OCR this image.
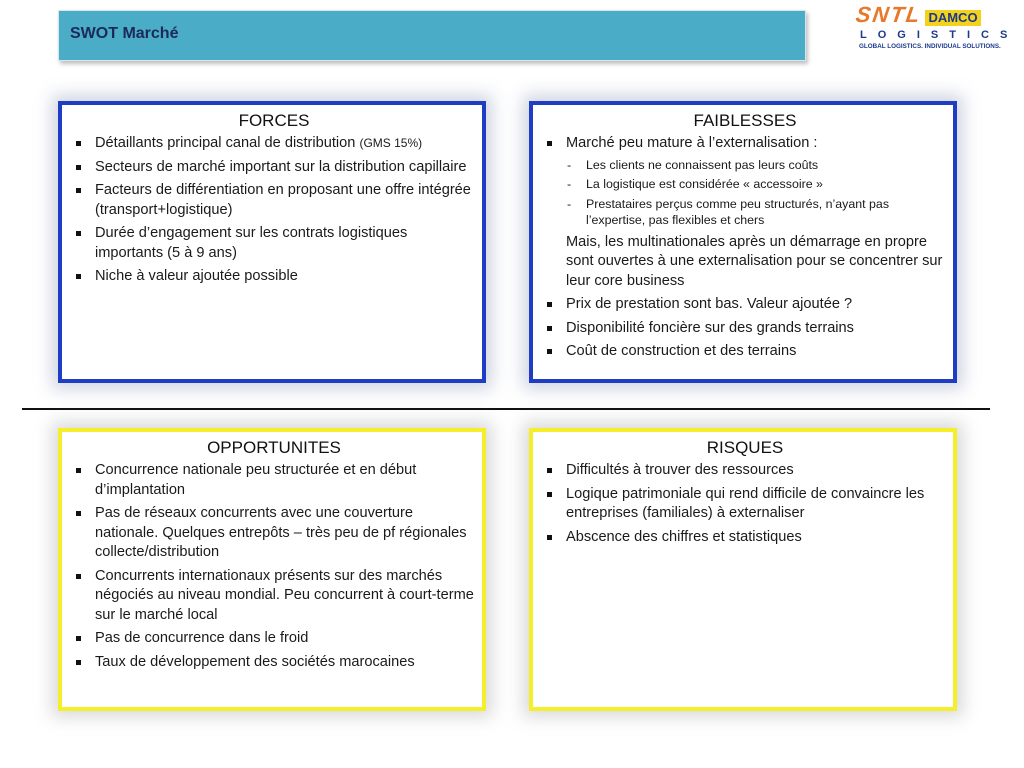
SWOT Marché
SNTL DAMCO
LOGISTICS
GLOBAL LOGISTICS. INDIVIDUAL SOLUTIONS.
FORCES
Détaillants principal canal de distribution (GMS 15%)
Secteurs de marché important sur la distribution capillaire
Facteurs de différentiation en proposant une offre intégrée (transport+logistique)
Durée d’engagement sur les contrats logistiques importants (5 à 9 ans)
Niche à valeur ajoutée possible
FAIBLESSES
Marché peu mature à l’externalisation :
- Les clients ne connaissent pas leurs coûts
- La logistique est considérée « accessoire »
- Prestataires perçus comme peu structurés, n’ayant pas l’expertise, pas flexibles et chers
Mais, les multinationales après un démarrage en propre sont ouvertes à une externalisation pour se concentrer sur leur core business
Prix de prestation sont bas. Valeur ajoutée ?
Disponibilité foncière sur des grands terrains
Coût de construction et des terrains
OPPORTUNITES
Concurrence nationale peu structurée et en début d’implantation
Pas de réseaux concurrents avec une couverture nationale. Quelques entrepôts – très peu de pf régionales collecte/distribution
Concurrents internationaux présents sur des marchés négociés au niveau mondial. Peu concurrent à court-terme sur le marché local
Pas de concurrence dans le froid
Taux de développement des sociétés marocaines
RISQUES
Difficultés à trouver des ressources
Logique patrimoniale qui rend difficile de convaincre les entreprises (familiales) à externaliser
Abscence des chiffres et statistiques
